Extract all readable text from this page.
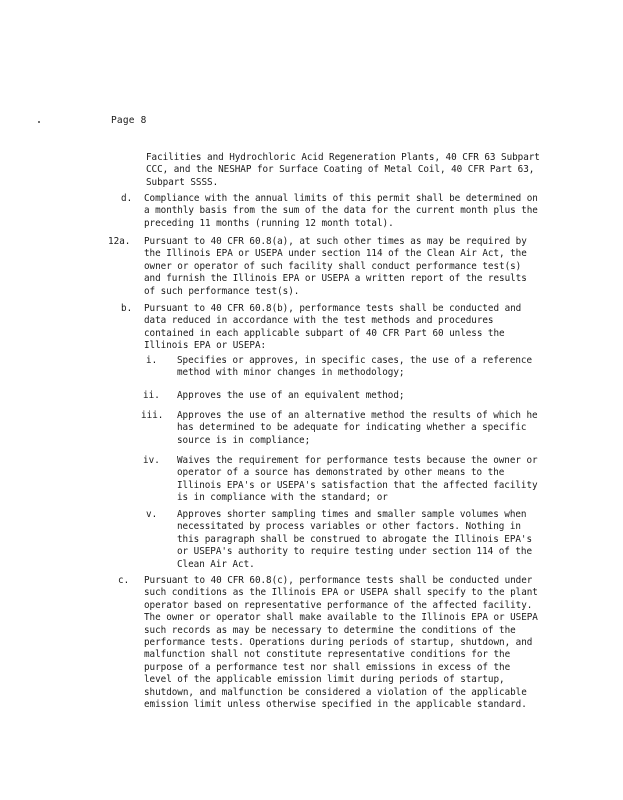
Page 8
Facilities and Hydrochloric Acid Regeneration Plants, 40 CFR 63 Subpart
CCC, and the NESHAP for Surface Coating of Metal Coil, 40 CFR Part 63,
Subpart SSSS.
d. Compliance with the annual limits of this permit shall be determined on
a monthly basis from the sum of the data for the current month plus the
preceding 11 months (running 12 month total).
12a. Pursuant to 40 CFR 60.8(a), at such other times as may be required by
the Illinois EPA or USEPA under section 114 of the Clean Air Act, the
owner or operator of such facility shall conduct performance test(s)
and furnish the Illinois EPA or USEPA a written report of the results
of such performance test(s).
b. Pursuant to 40 CFR 60.8(b), performance tests shall be conducted and
data reduced in accordance with the test methods and procedures
contained in each applicable subpart of 40 CFR Part 60 unless the
Illinois EPA or USEPA:
i. Specifies or approves, in specific cases, the use of a reference
method with minor changes in methodology;
ii. Approves the use of an equivalent method;
iii. Approves the use of an alternative method the results of which he
has determined to be adequate for indicating whether a specific
source is in compliance;
iv. Waives the requirement for performance tests because the owner or
operator of a source has demonstrated by other means to the
Illinois EPA's or USEPA's satisfaction that the affected facility
is in compliance with the standard; or
v. Approves shorter sampling times and smaller sample volumes when
necessitated by process variables or other factors. Nothing in
this paragraph shall be construed to abrogate the Illinois EPA's
or USEPA's authority to require testing under section 114 of the
Clean Air Act.
c. Pursuant to 40 CFR 60.8(c), performance tests shall be conducted under
such conditions as the Illinois EPA or USEPA shall specify to the plant
operator based on representative performance of the affected facility.
The owner or operator shall make available to the Illinois EPA or USEPA
such records as may be necessary to determine the conditions of the
performance tests. Operations during periods of startup, shutdown, and
malfunction shall not constitute representative conditions for the
purpose of a performance test nor shall emissions in excess of the
level of the applicable emission limit during periods of startup,
shutdown, and malfunction be considered a violation of the applicable
emission limit unless otherwise specified in the applicable standard.
